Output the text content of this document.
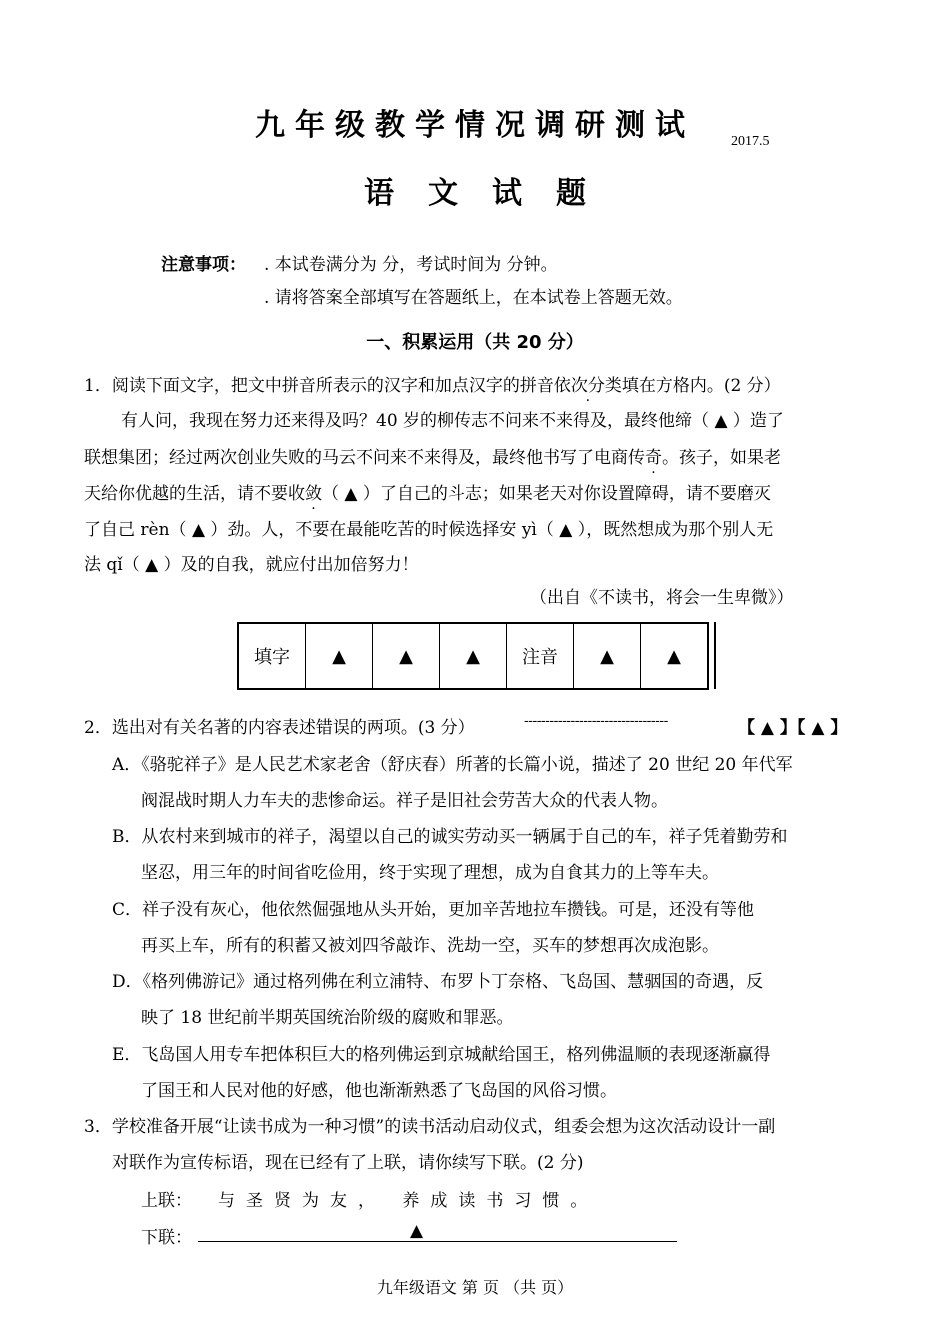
九年级教学情况调研测试	2017.5
语文试题
注意事项： . 本试卷满分为 分，考试时间为 分钟。
. 请将答案全部填写在答题纸上，在本试卷上答题无效。
一、积累运用（共 20 分）
1．阅读下面文字，把文中拼音所表示的汉字和加点汉字的拼音依次分类填在方格内。(2 分）
有人问，我现在努力还来得及吗？40 岁的柳传志不问来不来得及，最终他缔（ ▲ ）造了
联想集团；经过两次创业失败的马云不问来不来得及，最终他书写了电商传奇。孩子，如果老
天给你优越的生活，请不要收敛（ ▲ ）了自己的斗志；如果老天对你设置障碍，请不要磨灭
了自己 rèn（ ▲ ）劲。人，不要在最能吃苦的时候选择安 yì（ ▲ ），既然想成为那个别人无
法 qǐ（ ▲ ）及的自我，就应付出加倍努力！
（出自《不读书，将会一生卑微》）
填字	▲	▲	▲	注音	▲	▲
2．选出对有关名著的内容表述错误的两项。(3 分）	----------------------------------	【 ▲ 】【 ▲ 】
A．《骆驼祥子》是人民艺术家老舍（舒庆春）所著的长篇小说，描述了 20 世纪 20 年代军
阀混战时期人力车夫的悲惨命运。祥子是旧社会劳苦大众的代表人物。
B．从农村来到城市的祥子，渴望以自己的诚实劳动买一辆属于自己的车，祥子凭着勤劳和
坚忍，用三年的时间省吃俭用，终于实现了理想，成为自食其力的上等车夫。
C．祥子没有灰心，他依然倔强地从头开始，更加辛苦地拉车攒钱。可是，还没有等他
再买上车，所有的积蓄又被刘四爷敲诈、洗劫一空，买车的梦想再次成泡影。
D．《格列佛游记》通过格列佛在利立浦特、布罗卜丁奈格、飞岛国、慧骃国的奇遇，反
映了 18 世纪前半期英国统治阶级的腐败和罪恶。
E．飞岛国人用专车把体积巨大的格列佛运到京城献给国王，格列佛温顺的表现逐渐赢得
了国王和人民对他的好感，他也渐渐熟悉了飞岛国的风俗习惯。
3．学校准备开展“让读书成为一种习惯”的读书活动启动仪式，组委会想为这次活动设计一副
对联作为宣传标语，现在已经有了上联，请你续写下联。(2 分)
上联： 与圣贤为友， 养成读书习惯。
下联：	▲
九年级语文 第 页 （共 页）
